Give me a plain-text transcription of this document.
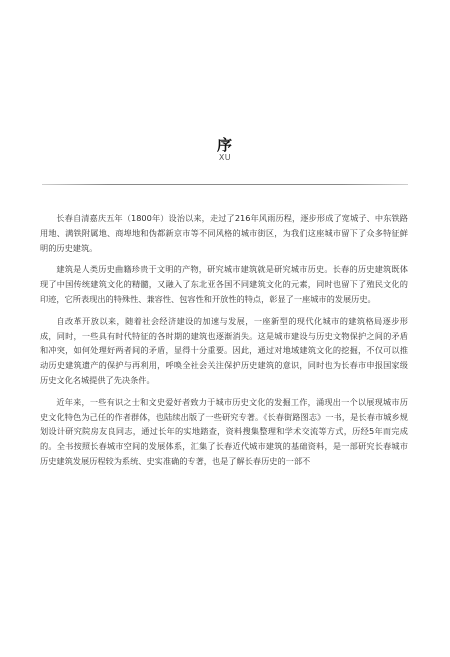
序
XU

长春自清嘉庆五年（1800年）设治以来，走过了216年风雨历程，逐步形成了宽城子、中东铁路用地、满铁附属地、商埠地和伪都新京市等不同风格的城市街区，为我们这座城市留下了众多特征鲜明的历史建筑。

建筑是人类历史曲籍珍贵于文明的产物，研究城市建筑就是研究城市历史。长春的历史建筑既体现了中国传统建筑文化的精髓，又融入了东北亚各国不同建筑文化的元素，同时也留下了殖民文化的印迹，它所表现出的特殊性、兼容性、包容性和开放性的特点，彰显了一座城市的发展历史。

自改革开放以来，随着社会经济建设的加速与发展，一座新型的现代化城市的建筑格局逐步形成，同时，一些具有时代特征的各时期的建筑也逐渐消失。这是城市建设与历史文物保护之间的矛盾和冲突，如何处理好两者间的矛盾，显得十分重要。因此，通过对地域建筑文化的挖掘，不仅可以推动历史建筑遗产的保护与再利用，呼唤全社会关注保护历史建筑的意识，同时也为长春市申报国家级历史文化名城提供了先决条件。

近年来，一些有识之士和文史爱好者致力于城市历史文化的发掘工作，涌现出一个以展现城市历史文化特色为己任的作者群体，也陆续出版了一些研究专著。《长春街路图志》一书，是长春市城乡规划设计研究院房友良同志，通过长年的实地踏查，资料搜集整理和学术交流等方式，历经5年而完成的。全书按照长春城市空间的发展体系，汇集了长春近代城市建筑的基础资料，是一部研究长春城市历史建筑发展历程较为系统、史实准确的专著，也是了解长春历史的一部不
